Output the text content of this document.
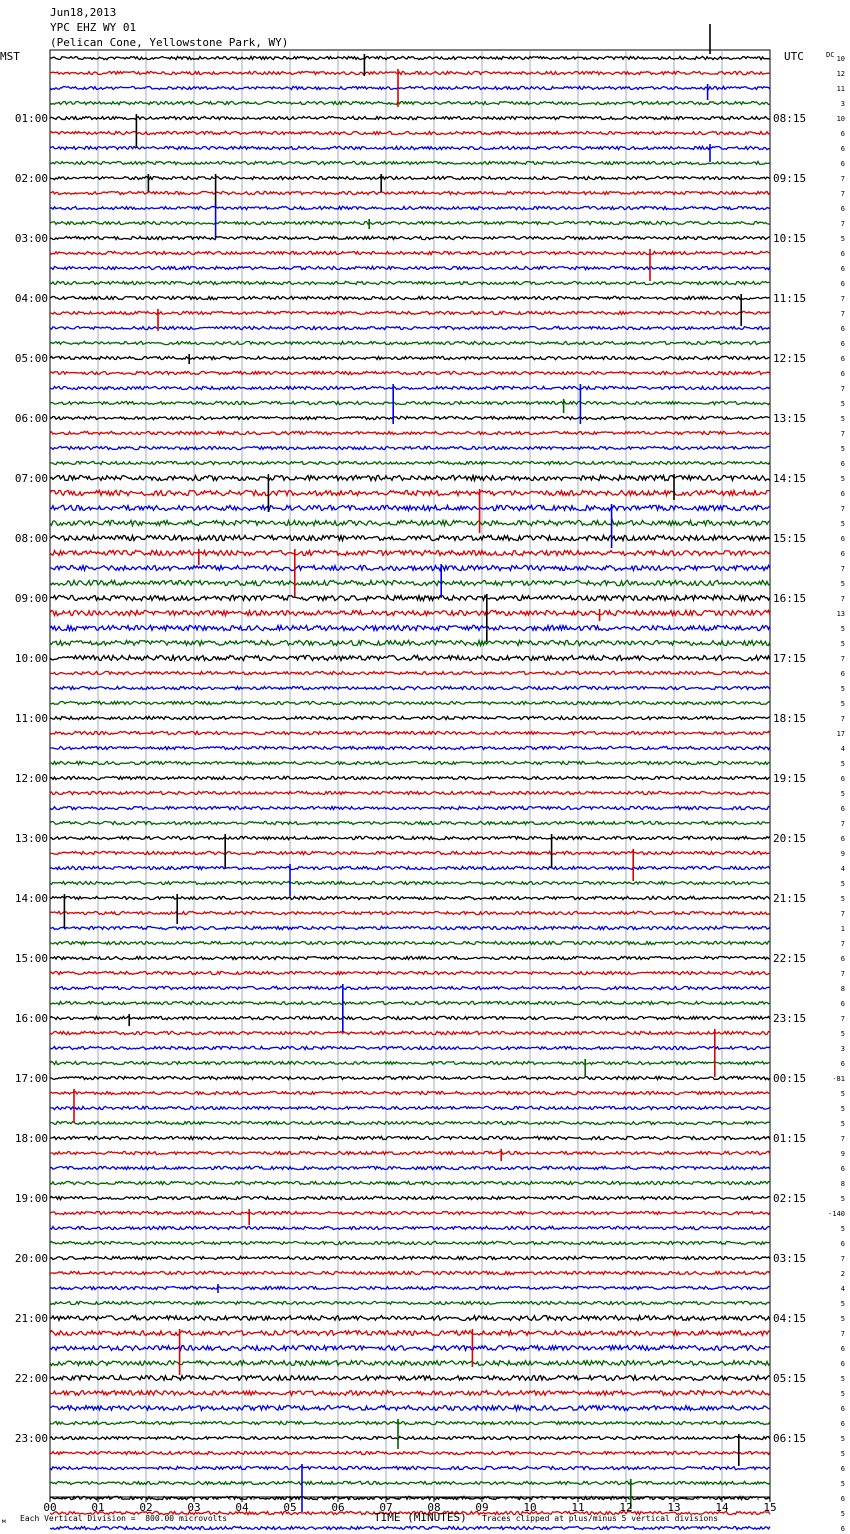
Jun18,2013
YPC EHZ WY 01
(Pelican Cone, Yellowstone Park, WY)
MST	UTC	10
12
11
3
10
6
6
6
7
7
6
7
5
6
6
6
7
7
6
6
6
6
7
5
5
7
5
6
5
6
7
5
6
6
7
5
7
13
5
5
7
6
5
5
7
17
4
5
6
5
6
7
6
9
4
5
5
7
1
7
6
7
8
6
7
5
3
6
-81
5
5
5
7
9
6
8
5
-140
5
6
7
2
4
5
5
7
6
6
5
5
6
6
5
5
6
5
6
5
6
01:00	08:15
02:00	09:15
03:00	10:15
04:00	11:15
05:00	12:15
06:00	13:15
07:00	14:15
08:00	15:15
09:00	16:15
10:00	17:15
11:00	18:15
12:00	19:15
13:00	20:15
14:00	21:15
15:00	22:15
16:00	23:15
17:00	00:15
18:00	01:15
19:00	02:15
20:00	03:15
21:00	04:15
22:00	05:15
23:00	06:15
DC
00	01	02	03	04	05	06	07	08	09	10	11	12	13	14	15
м Each Vertical Division =  800.00 microvolts	TIME (MINUTES) Traces clipped at plus/minus 5 vertical divisions
